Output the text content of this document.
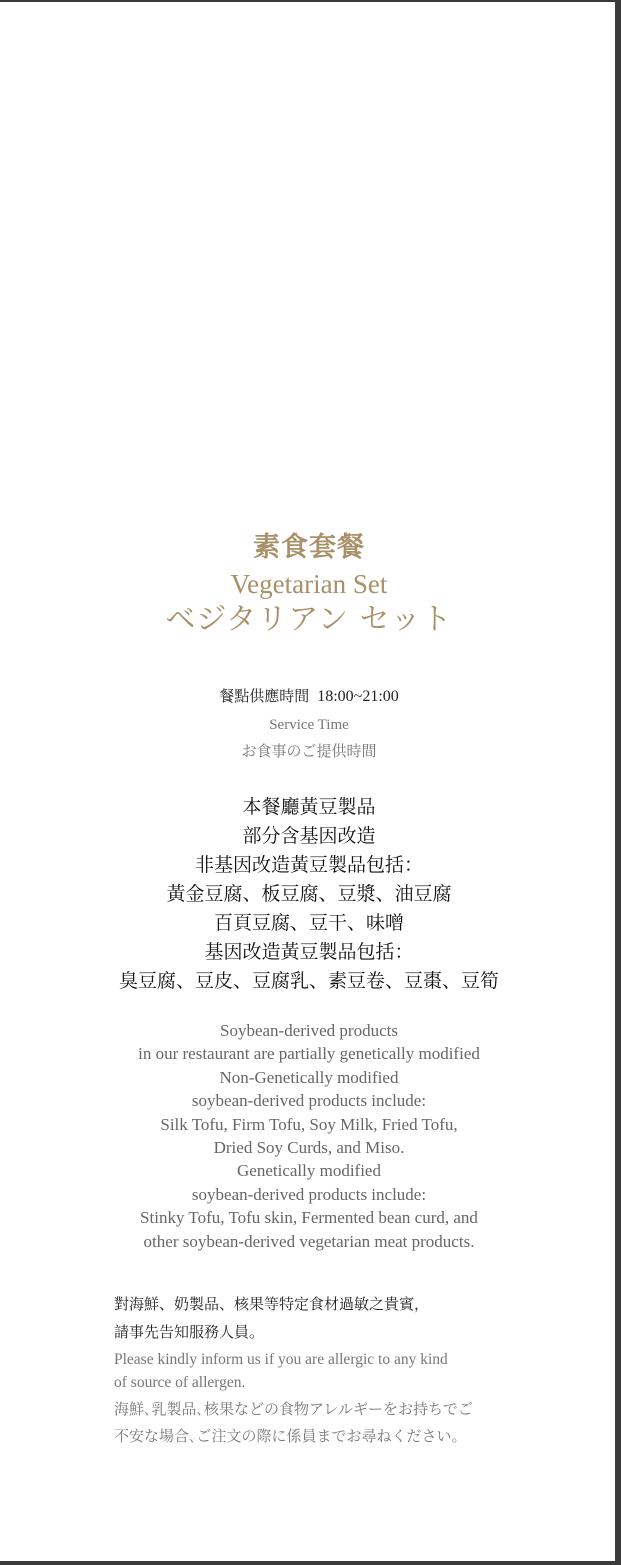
素食套餐
Vegetarian Set
ベジタリアン セット
餐點供應時間 18:00~21:00
Service Time
お食事のご提供時間
本餐廳黃豆製品
部分含基因改造
非基因改造黃豆製品包括：
黃金豆腐、板豆腐、豆漿、油豆腐
百頁豆腐、豆干、味噌
基因改造黃豆製品包括：
臭豆腐、豆皮、豆腐乳、素豆卷、豆棗、豆筍
Soybean-derived products
in our restaurant are partially genetically modified
Non-Genetically modified
soybean-derived products include:
Silk Tofu, Firm Tofu, Soy Milk, Fried Tofu,
Dried Soy Curds, and Miso.
Genetically modified
soybean-derived products include:
Stinky Tofu, Tofu skin, Fermented bean curd, and
other soybean-derived vegetarian meat products.
對海鮮、奶製品、核果等特定食材過敏之貴賓，
請事先告知服務人員。
Please kindly inform us if you are allergic to any kind
of source of allergen.
海鮮､乳製品､核果などの食物アレルギーをお持ちでご
不安な場合､ご注文の際に係員までお尋ねください。
